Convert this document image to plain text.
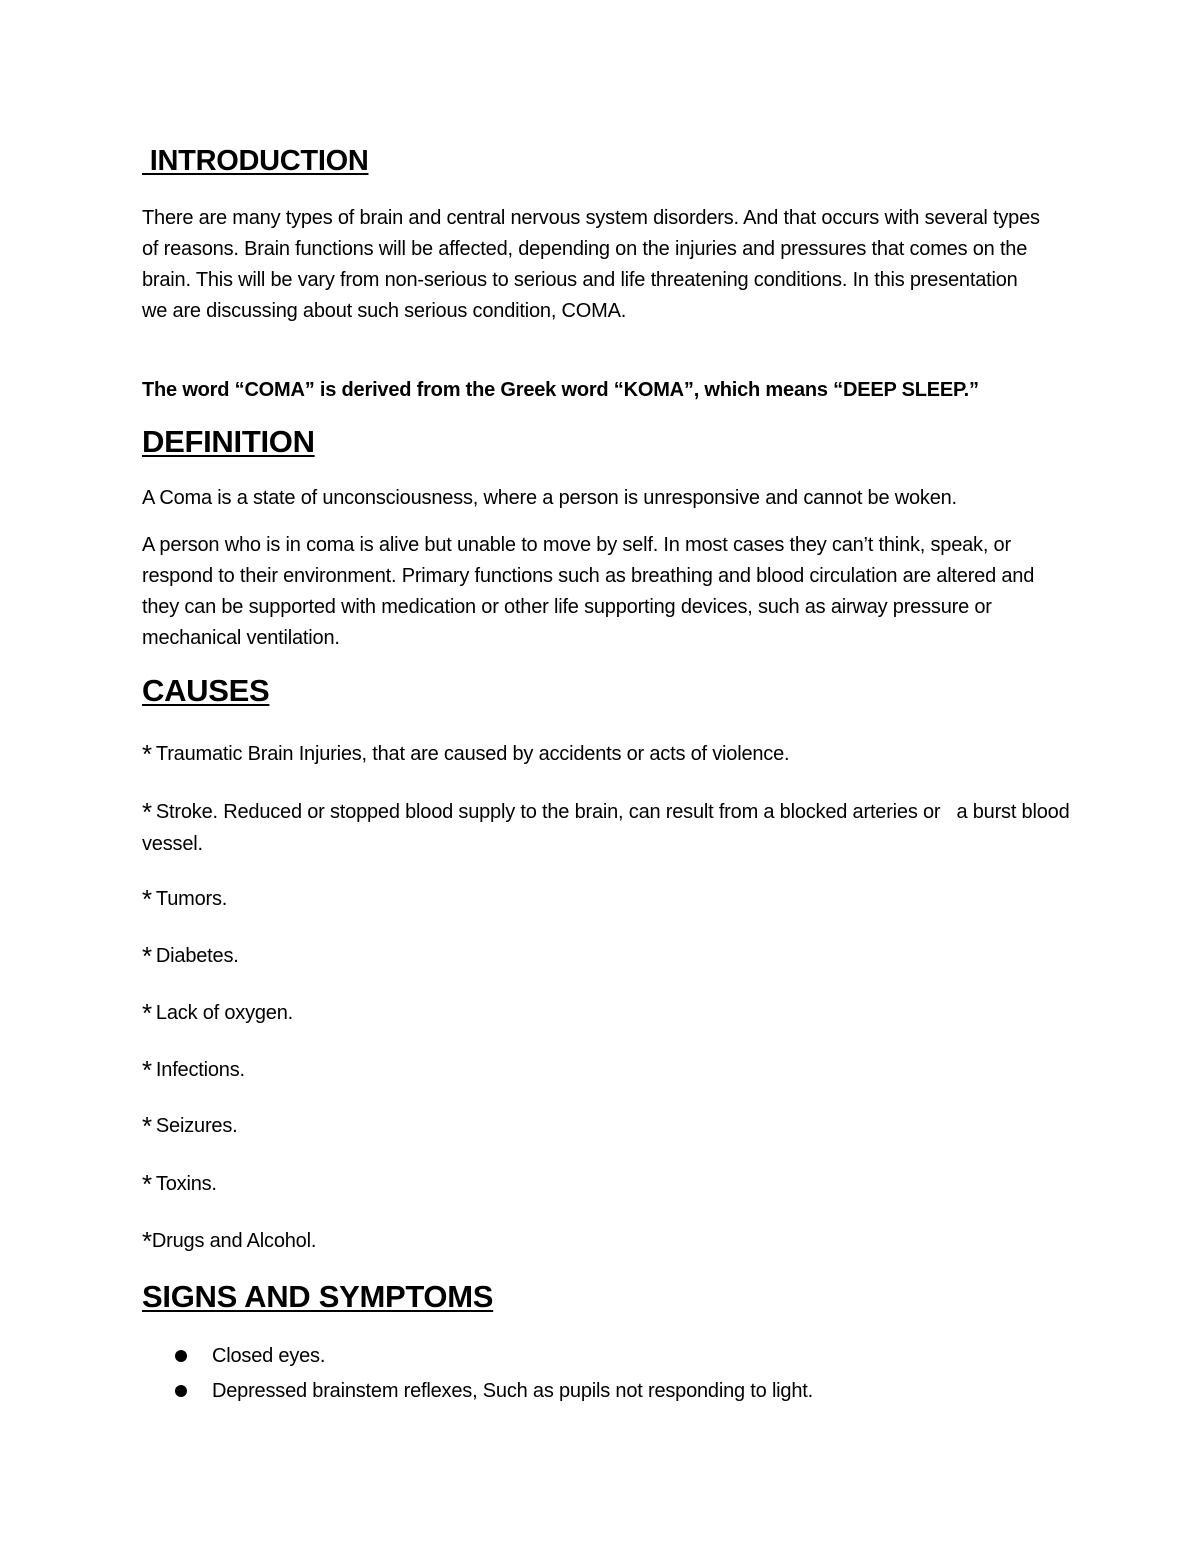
INTRODUCTION

There are many types of brain and central nervous system disorders. And that occurs with several types of reasons. Brain functions will be affected, depending on the injuries and pressures that comes on the brain. This will be vary from non-serious to serious and life threatening conditions. In this presentation we are discussing about such serious condition, COMA.

The word “COMA” is derived from the Greek word “KOMA”, which means “DEEP SLEEP.”

DEFINITION

A Coma is a state of unconsciousness, where a person is unresponsive and cannot be woken.

A person who is in coma is alive but unable to move by self. In most cases they can’t think, speak, or respond to their environment. Primary functions such as breathing and blood circulation are altered and they can be supported with medication or other life supporting devices, such as airway pressure or mechanical ventilation.

CAUSES

* Traumatic Brain Injuries, that are caused by accidents or acts of violence.

* Stroke. Reduced or stopped blood supply to the brain, can result from a blocked arteries or   a burst blood vessel.

* Tumors.

* Diabetes.

* Lack of oxygen.

* Infections.

* Seizures.

* Toxins.

*Drugs and Alcohol.

SIGNS AND SYMPTOMS
Closed eyes.
Depressed brainstem reflexes, Such as pupils not responding to light.
